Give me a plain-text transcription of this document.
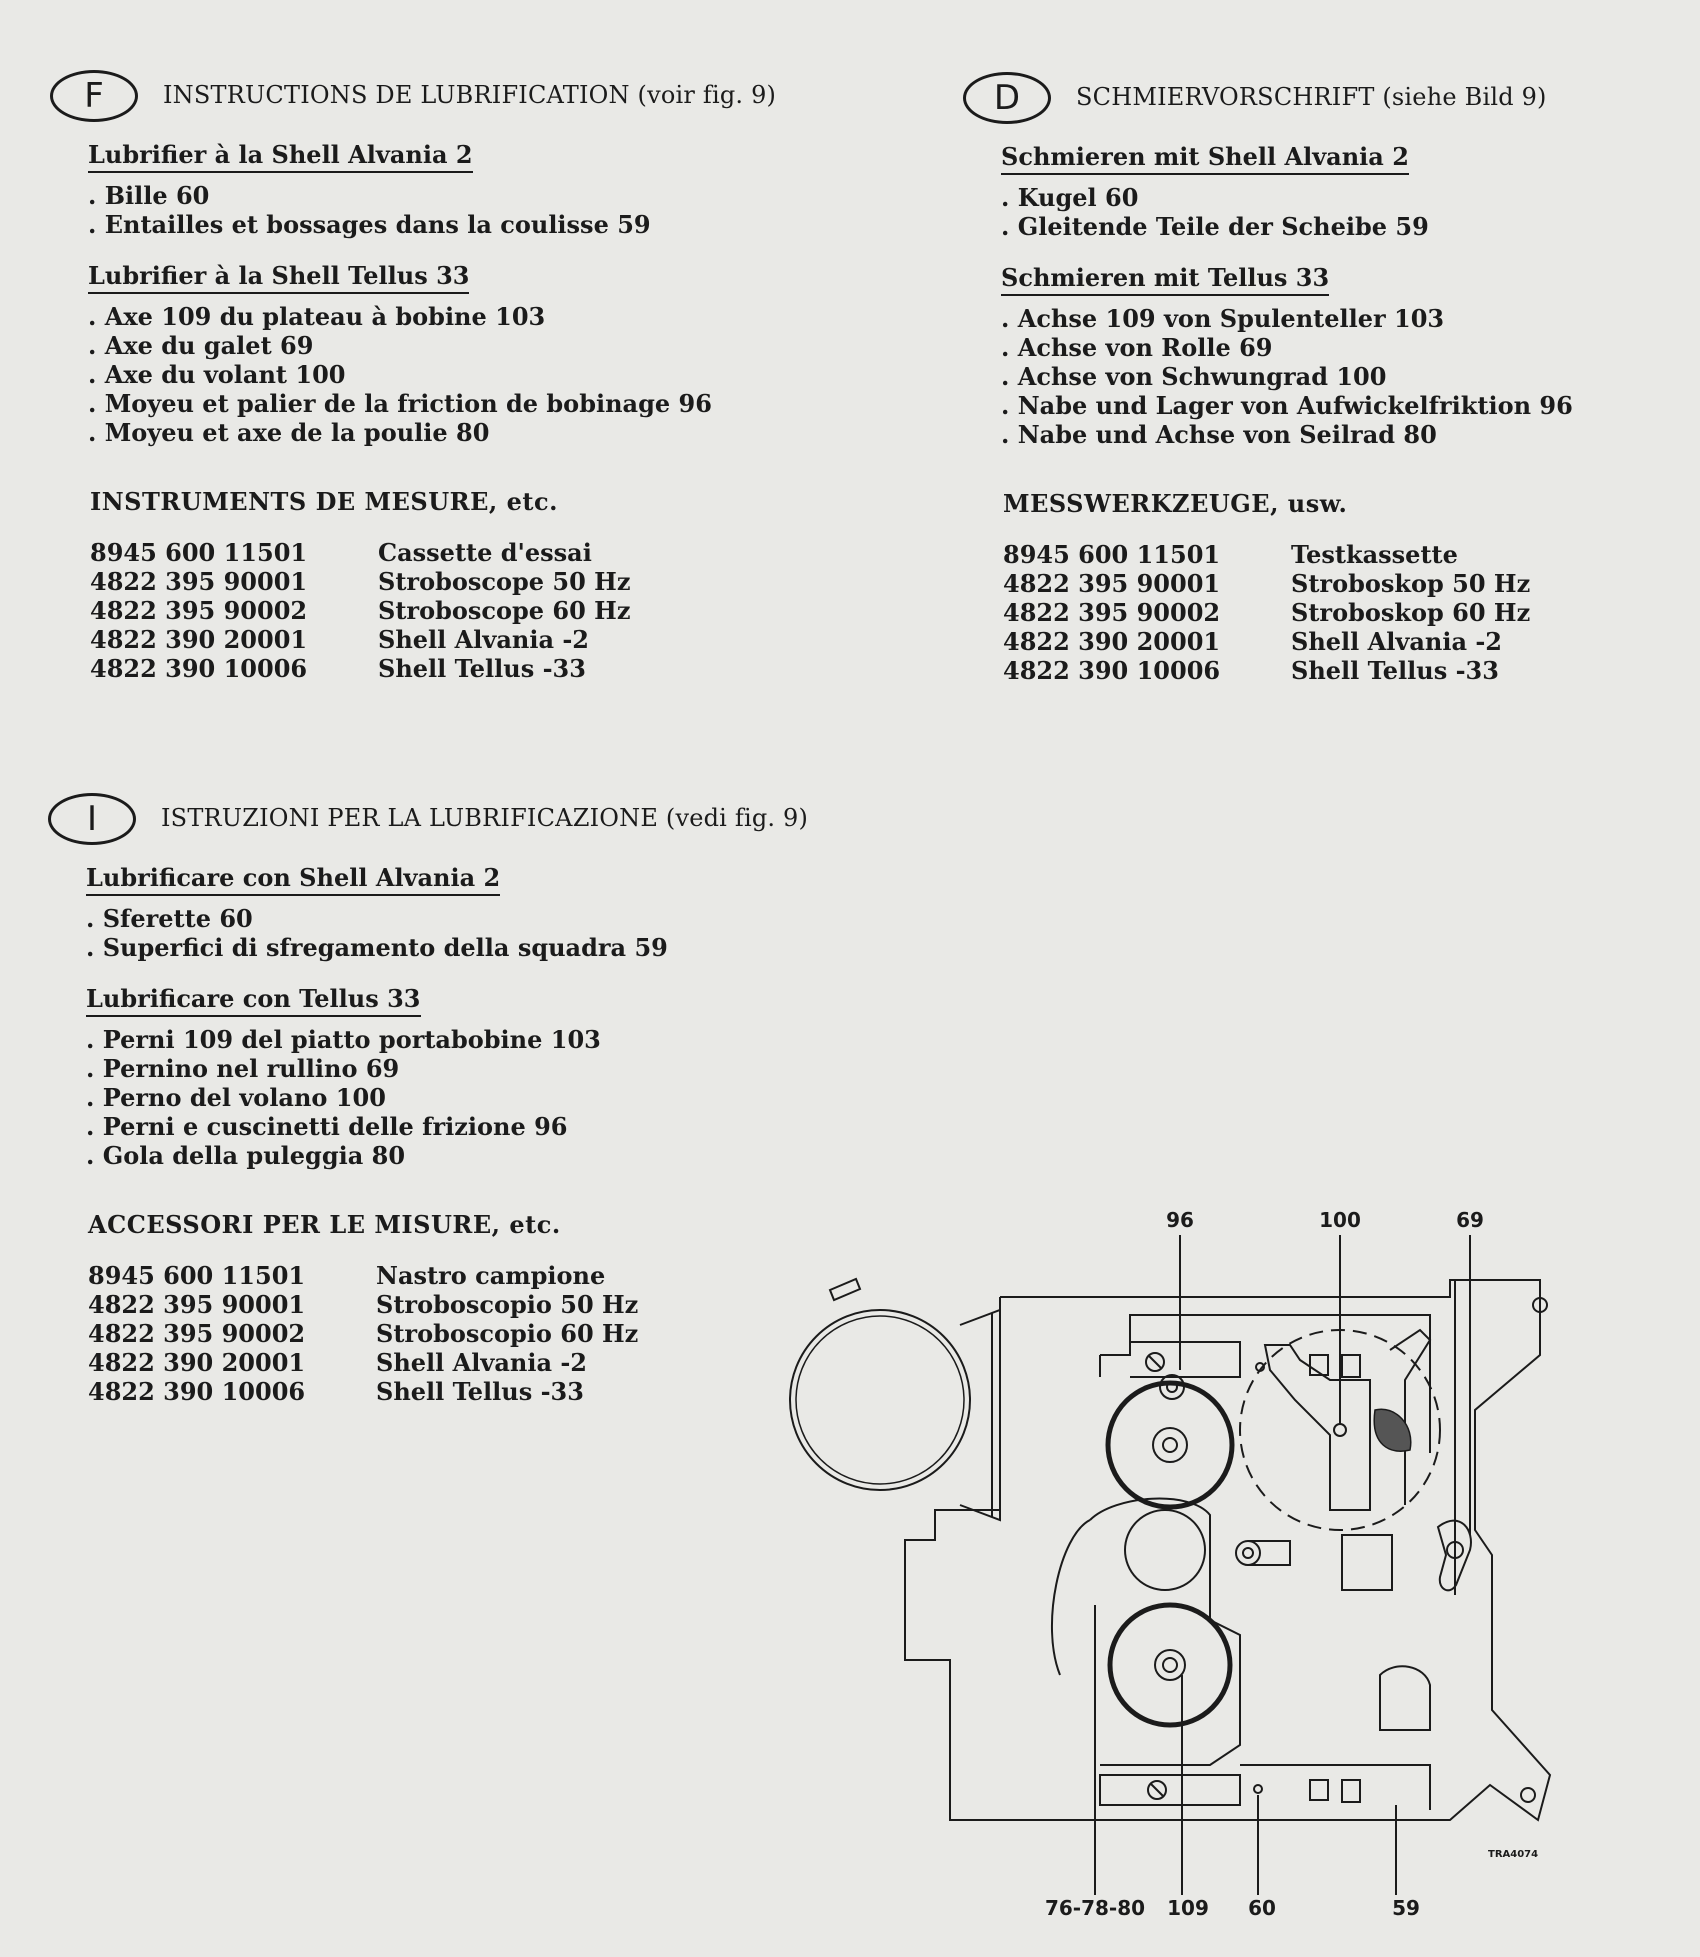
F	INSTRUCTIONS DE LUBRIFICATION (voir fig. 9)
Lubrifier à la Shell Alvania 2
. Bille 60
. Entailles et bossages dans la coulisse 59
Lubrifier à la Shell Tellus 33
. Axe 109 du plateau à bobine 103
. Axe du galet 69
. Axe du volant 100
. Moyeu et palier de la friction de bobinage 96
. Moyeu et axe de la poulie 80
INSTRUMENTS DE MESURE, etc.
8945 600 11501	Cassette d'essai
4822 395 90001	Stroboscope 50 Hz
4822 395 90002	Stroboscope 60 Hz
4822 390 20001	Shell Alvania -2
4822 390 10006	Shell Tellus -33
D	SCHMIERVORSCHRIFT (siehe Bild 9)
Schmieren mit Shell Alvania 2
. Kugel 60
. Gleitende Teile der Scheibe 59
Schmieren mit Tellus 33
. Achse 109 von Spulenteller 103
. Achse von Rolle 69
. Achse von Schwungrad 100
. Nabe und Lager von Aufwickelfriktion 96
. Nabe und Achse von Seilrad 80
MESSWERKZEUGE, usw.
8945 600 11501	Testkassette
4822 395 90001	Stroboskop 50 Hz
4822 395 90002	Stroboskop 60 Hz
4822 390 20001	Shell Alvania -2
4822 390 10006	Shell Tellus -33
I	ISTRUZIONI PER LA LUBRIFICAZIONE (vedi fig. 9)
Lubrificare con Shell Alvania 2
. Sferette 60
. Superfici di sfregamento della squadra 59
Lubrificare con Tellus 33
. Perni 109 del piatto portabobine 103
. Pernino nel rullino 69
. Perno del volano 100
. Perni e cuscinetti delle frizione 96
. Gola della puleggia 80
ACCESSORI PER LE MISURE, etc.
8945 600 11501	Nastro campione
4822 395 90001	Stroboscopio 50 Hz
4822 395 90002	Stroboscopio 60 Hz
4822 390 20001	Shell Alvania -2
4822 390 10006	Shell Tellus -33
96	100	69
76-78-80 109 60	59
TRA4074
